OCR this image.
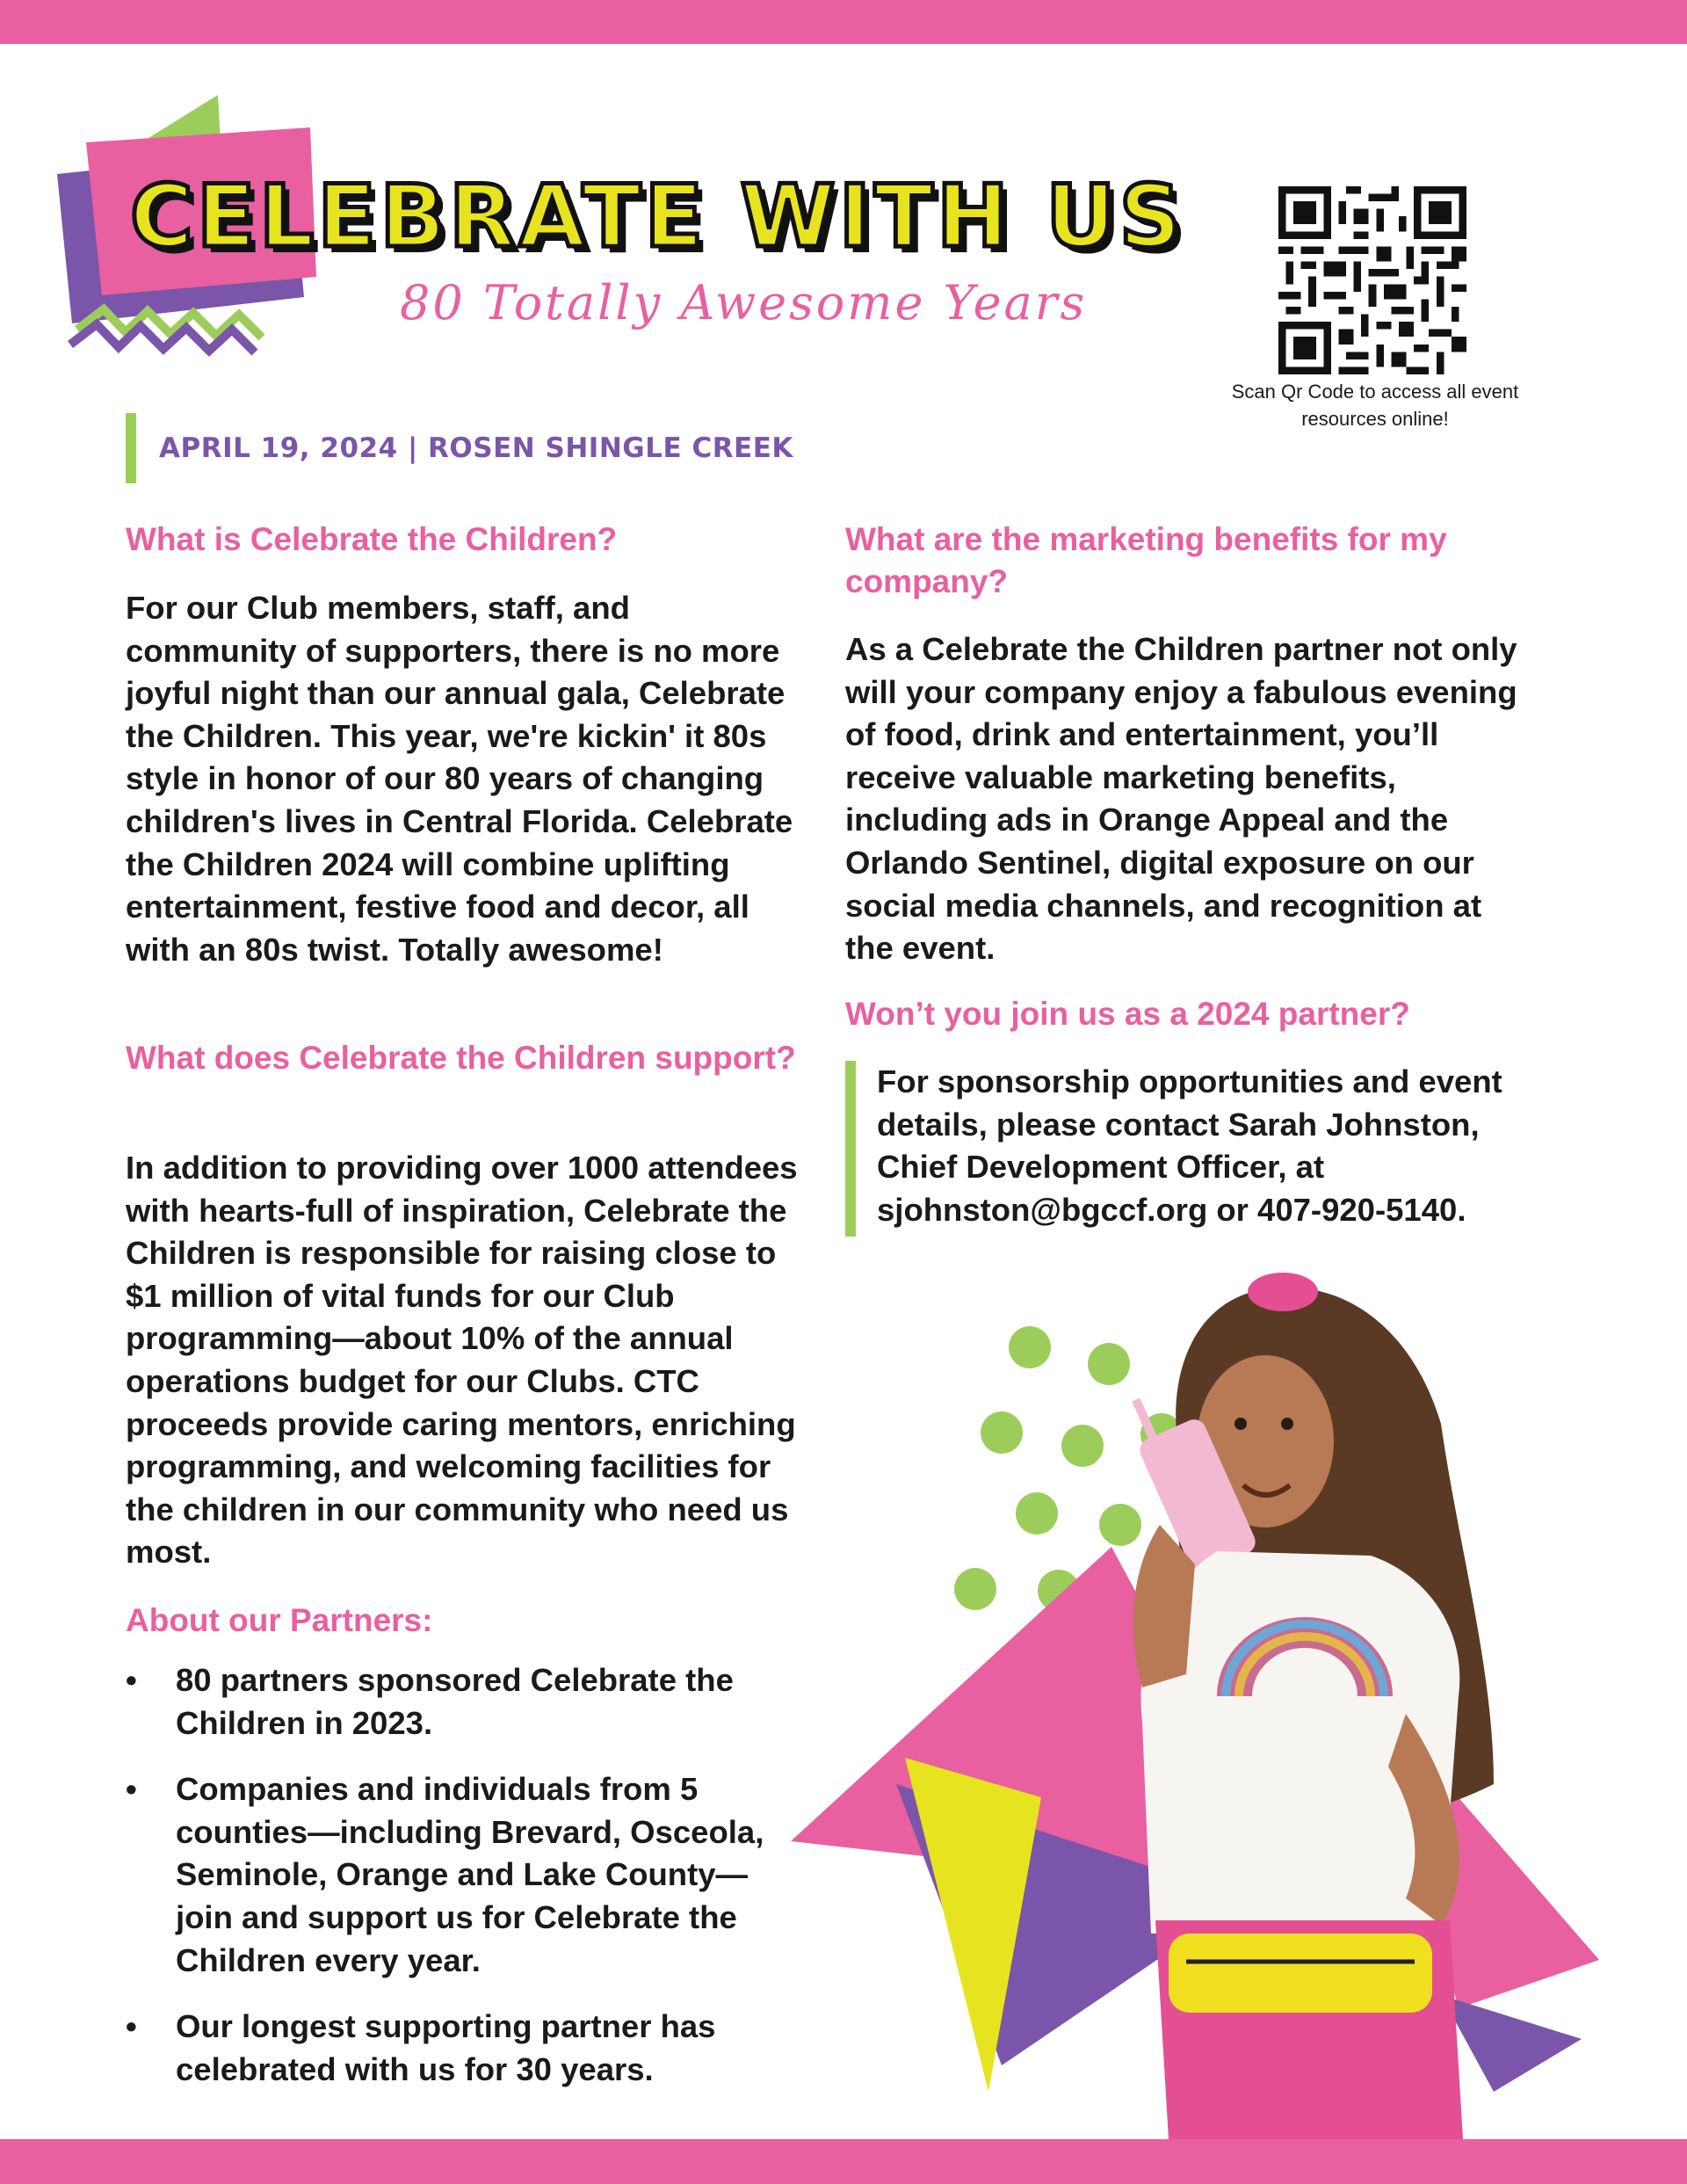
CELEBRATE WITH US
80 Totally Awesome Years
Scan Qr Code to access all event resources online!
APRIL 19, 2024 | ROSEN SHINGLE CREEK
What is Celebrate the Children?

For our Club members, staff, and community of supporters, there is no more joyful night than our annual gala, Celebrate the Children. This year, we're kickin' it 80s style in honor of our 80 years of changing children's lives in Central Florida. Celebrate the Children 2024 will combine uplifting entertainment, festive food and decor, all with an 80s twist. Totally awesome!

What does Celebrate the Children support?

In addition to providing over 1000 attendees with hearts-full of inspiration, Celebrate the Children is responsible for raising close to $1 million of vital funds for our Club programming—about 10% of the annual operations budget for our Clubs. CTC proceeds provide caring mentors, enriching programming, and welcoming facilities for the children in our community who need us most.

About our Partners:
• 80 partners sponsored Celebrate the Children in 2023.
• Companies and individuals from 5 counties—including Brevard, Osceola, Seminole, Orange and Lake County—join and support us for Celebrate the Children every year.
• Our longest supporting partner has celebrated with us for 30 years.
What are the marketing benefits for my company?

As a Celebrate the Children partner not only will your company enjoy a fabulous evening of food, drink and entertainment, you’ll receive valuable marketing benefits, including ads in Orange Appeal and the Orlando Sentinel, digital exposure on our social media channels, and recognition at the event.

Won’t you join us as a 2024 partner?

For sponsorship opportunities and event details, please contact Sarah Johnston, Chief Development Officer, at sjohnston@bgccf.org or 407-920-5140.
